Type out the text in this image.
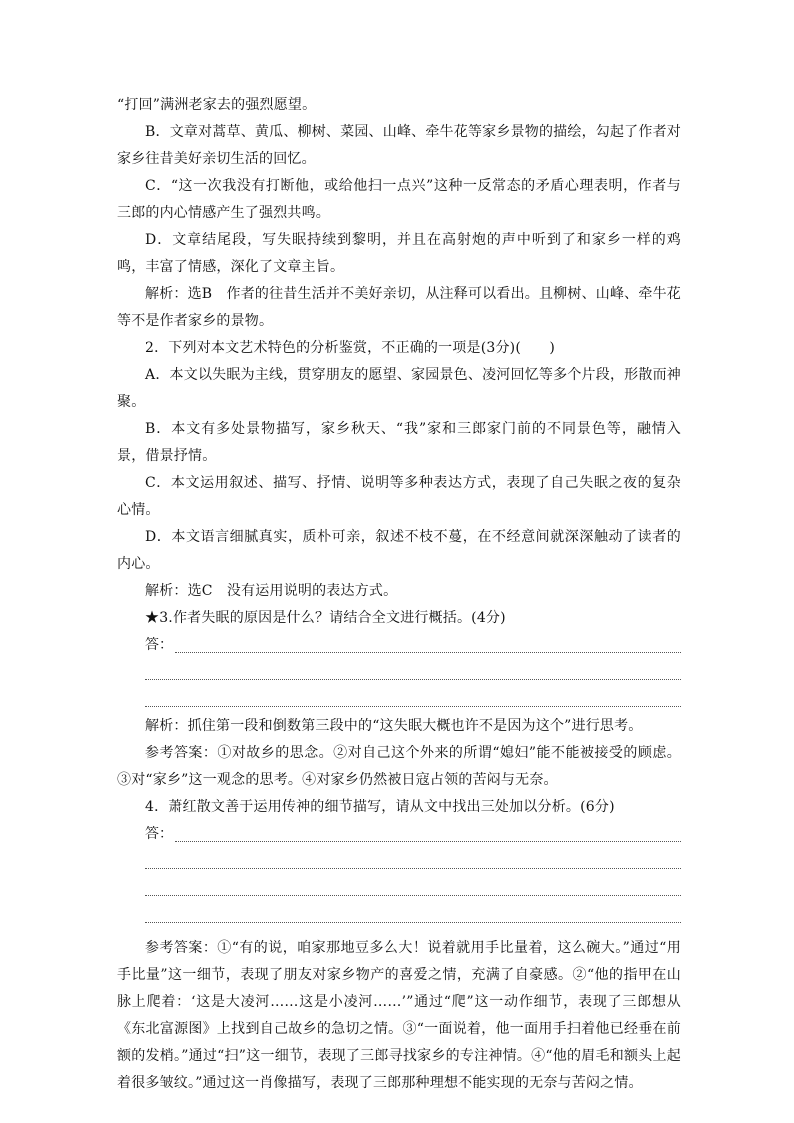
“打回”满洲老家去的强烈愿望。

B．文章对蒿草、黄瓜、柳树、菜园、山峰、牵牛花等家乡景物的描绘，勾起了作者对家乡往昔美好亲切生活的回忆。

C．“这一次我没有打断他，或给他扫一点兴”这种一反常态的矛盾心理表明，作者与三郎的内心情感产生了强烈共鸣。

D．文章结尾段，写失眠持续到黎明，并且在高射炮的声中听到了和家乡一样的鸡鸣，丰富了情感，深化了文章主旨。

解析：选B　作者的往昔生活并不美好亲切，从注释可以看出。且柳树、山峰、牵牛花等不是作者家乡的景物。

2．下列对本文艺术特色的分析鉴赏，不正确的一项是(3分)(　　)

A．本文以失眠为主线，贯穿朋友的愿望、家园景色、凌河回忆等多个片段，形散而神聚。

B．本文有多处景物描写，家乡秋天、“我”家和三郎家门前的不同景色等，融情入景，借景抒情。

C．本文运用叙述、描写、抒情、说明等多种表达方式，表现了自己失眠之夜的复杂心情。

D．本文语言细腻真实，质朴可亲，叙述不枝不蔓，在不经意间就深深触动了读者的内心。

解析：选C　没有运用说明的表达方式。

★3.作者失眠的原因是什么？请结合全文进行概括。(4分)

答：

解析：抓住第一段和倒数第三段中的“这失眠大概也许不是因为这个”进行思考。

参考答案：①对故乡的思念。②对自己这个外来的所谓“媳妇”能不能被接受的顾虑。③对“家乡”这一观念的思考。④对家乡仍然被日寇占领的苦闷与无奈。

4．萧红散文善于运用传神的细节描写，请从文中找出三处加以分析。(6分)

答：

参考答案：①“有的说，咱家那地豆多么大！说着就用手比量着，这么碗大。”通过“用手比量”这一细节，表现了朋友对家乡物产的喜爱之情，充满了自豪感。②“他的指甲在山脉上爬着：‘这是大凌河……这是小凌河……’”通过“爬”这一动作细节，表现了三郎想从《东北富源图》上找到自己故乡的急切之情。③“一面说着，他一面用手扫着他已经垂在前额的发梢。”通过“扫”这一细节，表现了三郎寻找家乡的专注神情。④“他的眉毛和额头上起着很多皱纹。”通过这一肖像描写，表现了三郎那种理想不能实现的无奈与苦闷之情。
